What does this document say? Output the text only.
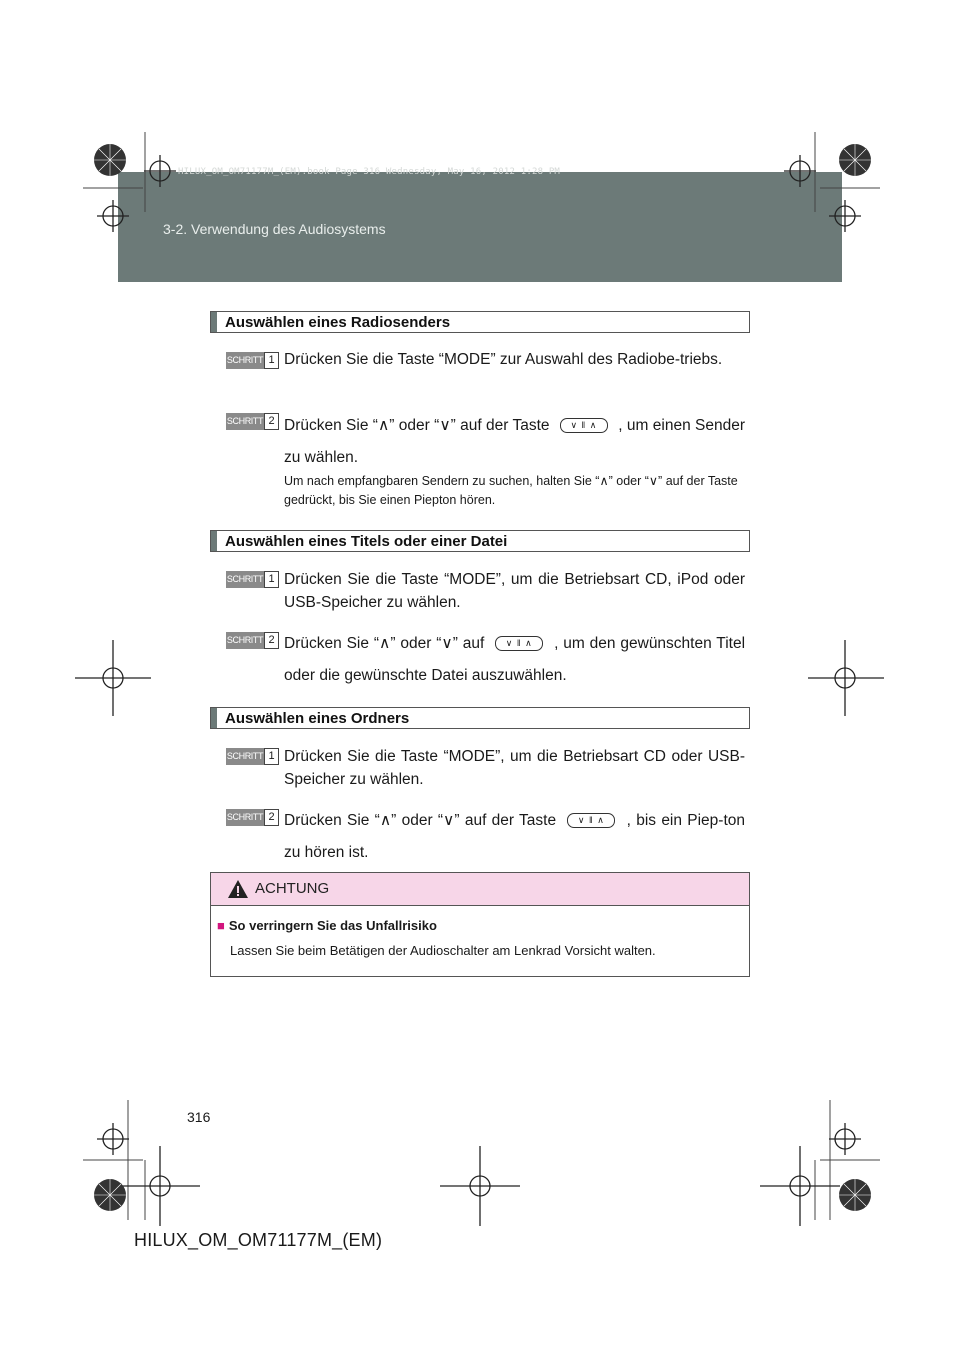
HILUX_OM_OM71177M_(EM).book Page 316 Wednesday, May 16, 2012 1:28 PM
3-2. Verwendung des Audiosystems
Auswählen eines Radiosenders
SCHRITT 1 Drücken Sie die Taste “MODE” zur Auswahl des Radiobe-triebs.
SCHRITT 2 Drücken Sie “∧” oder “∨” auf der Taste ∨ ‖ ∧ , um einen Sender zu wählen.
Um nach empfangbaren Sendern zu suchen, halten Sie “∧” oder “∨” auf der Taste gedrückt, bis Sie einen Piepton hören.
Auswählen eines Titels oder einer Datei
SCHRITT 1 Drücken Sie die Taste “MODE”, um die Betriebsart CD, iPod oder USB-Speicher zu wählen.
SCHRITT 2 Drücken Sie “∧” oder “∨” auf ∨ ‖ ∧ , um den gewünschten Titel oder die gewünschte Datei auszuwählen.
Auswählen eines Ordners
SCHRITT 1 Drücken Sie die Taste “MODE”, um die Betriebsart CD oder USB-Speicher zu wählen.
SCHRITT 2 Drücken Sie “∧” oder “∨” auf der Taste ∨ ‖ ∧ , bis ein Piep-ton zu hören ist.
ACHTUNG
■ So verringern Sie das Unfallrisiko
Lassen Sie beim Betätigen der Audioschalter am Lenkrad Vorsicht walten.
316
HILUX_OM_OM71177M_(EM)
